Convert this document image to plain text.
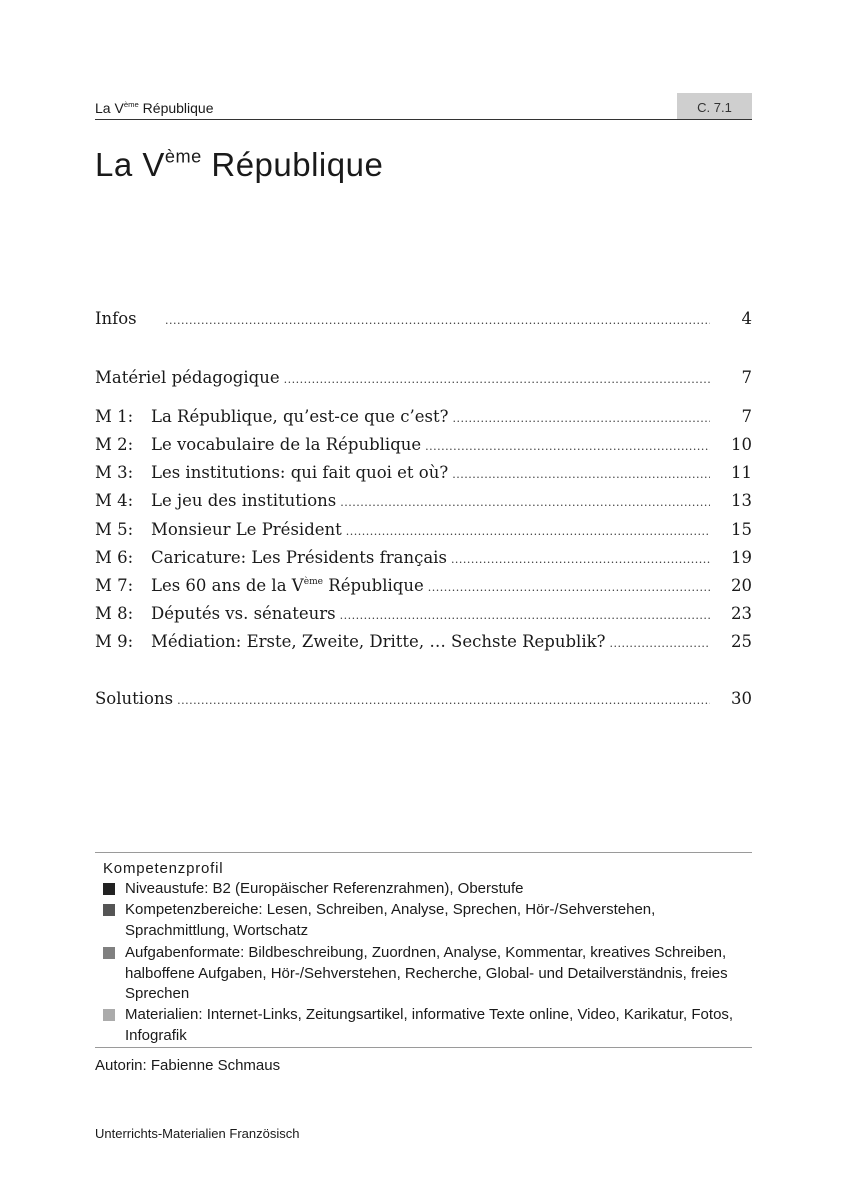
La Vème République	C. 7.1
La Vème République
Infos .....	4
Matériel pédagogique .....	7
M 1:	La République, qu’est-ce que c’est? .....	7
M 2:	Le vocabulaire de la République .....	10
M 3:	Les institutions: qui fait quoi et où? .....	11
M 4:	Le jeu des institutions .....	13
M 5:	Monsieur Le Président .....	15
M 6:	Caricature: Les Présidents français .....	19
M 7:	Les 60 ans de la Vème République .....	20
M 8:	Députés vs. sénateurs .....	23
M 9:	Médiation: Erste, Zweite, Dritte, … Sechste Republik? .....	25
Solutions .....	30
Kompetenzprofil
Niveaustufe: B2 (Europäischer Referenzrahmen), Oberstufe
Kompetenzbereiche: Lesen, Schreiben, Analyse, Sprechen, Hör-/Sehverstehen, Sprachmittlung, Wortschatz
Aufgabenformate: Bildbeschreibung, Zuordnen, Analyse, Kommentar, kreatives Schreiben, halboffene Aufgaben, Hör-/Sehverstehen, Recherche, Global- und Detailverständnis, freies Sprechen
Materialien: Internet-Links, Zeitungsartikel, informative Texte online, Video, Karikatur, Fotos, Infografik
Autorin: Fabienne Schmaus
Unterrichts-Materialien Französisch
